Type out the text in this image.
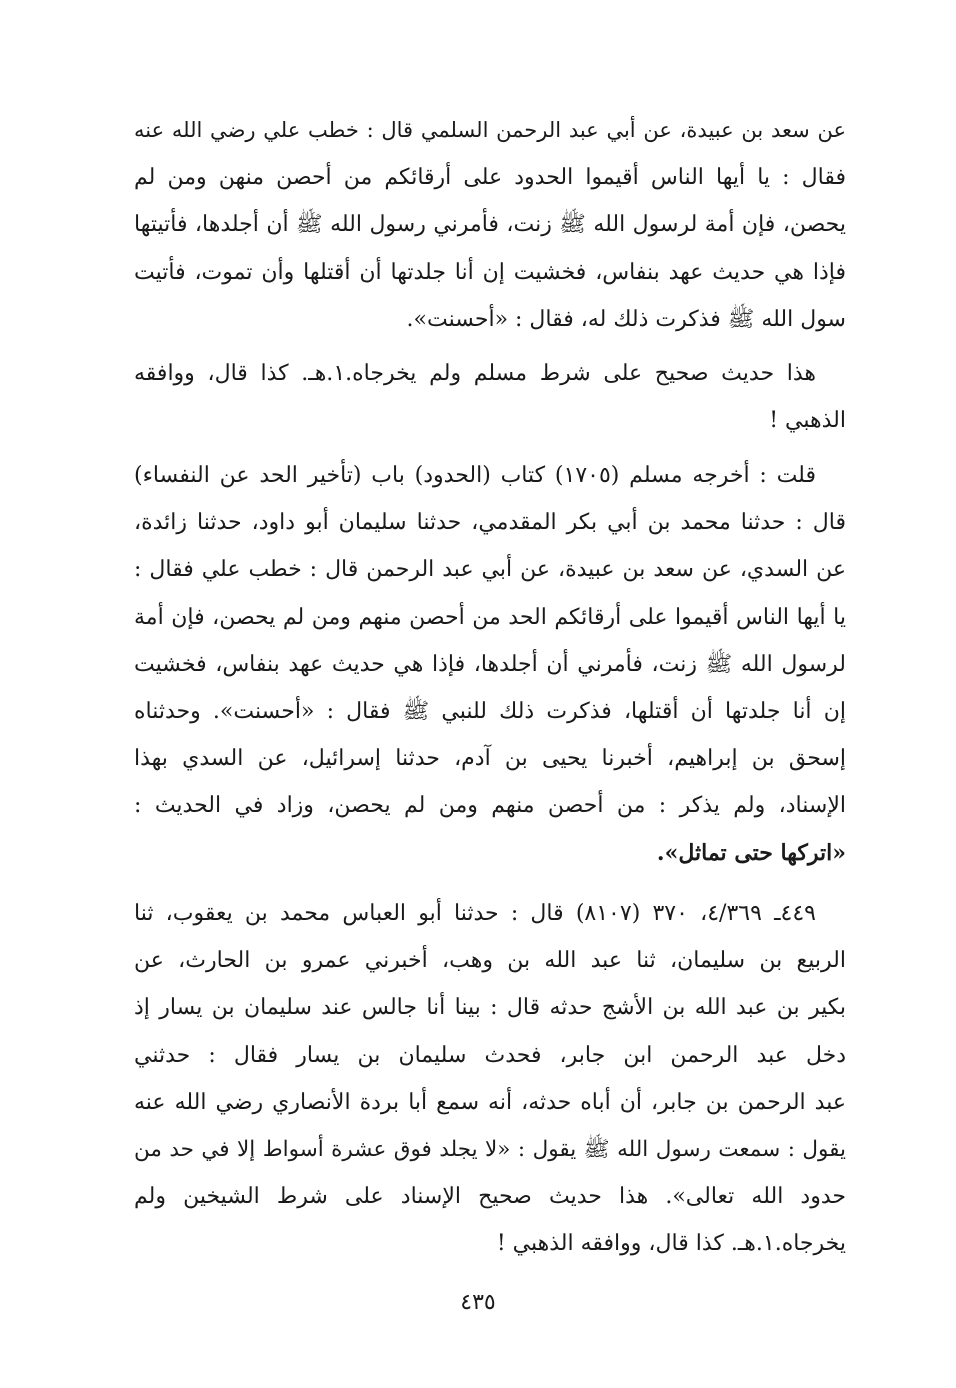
عن سعد بن عبيدة، عن أبي عبد الرحمن السلمي قال : خطب علي رضي الله عنه
فقال : يا أيها الناس أقيموا الحدود على أرقائكم من أحصن منهن ومن لم
يحصن، فإن أمة لرسول الله ﷺ زنت، فأمرني رسول الله ﷺ أن أجلدها، فأتيتها
فإذا هي حديث عهد بنفاس، فخشيت إن أنا جلدتها أن أقتلها وأن تموت، فأتيت
سول الله ﷺ فذكرت ذلك له، فقال : «أحسنت».
هذا حديث صحيح على شرط مسلم ولم يخرجاه.١.هـ. كذا قال، ووافقه
الذهبي !
قلت : أخرجه مسلم (١٧٠٥) كتاب (الحدود) باب (تأخير الحد عن النفساء)
قال : حدثنا محمد بن أبي بكر المقدمي، حدثنا سليمان أبو داود، حدثنا زائدة،
عن السدي، عن سعد بن عبيدة، عن أبي عبد الرحمن قال : خطب علي فقال :
يا أيها الناس أقيموا على أرقائكم الحد من أحصن منهم ومن لم يحصن، فإن أمة
لرسول الله ﷺ زنت، فأمرني أن أجلدها، فإذا هي حديث عهد بنفاس، فخشيت
إن أنا جلدتها أن أقتلها، فذكرت ذلك للنبي ﷺ فقال : «أحسنت». وحدثناه
إسحق بن إبراهيم، أخبرنا يحيى بن آدم، حدثنا إسرائيل، عن السدي بهذا
الإسناد، ولم يذكر : من أحصن منهم ومن لم يحصن، وزاد في الحديث :
«اتركها حتى تماثل».
٤٤٩ـ ٤/٣٦٩، ٣٧٠ (٨١٠٧) قال : حدثنا أبو العباس محمد بن يعقوب، ثنا
الربيع بن سليمان، ثنا عبد الله بن وهب، أخبرني عمرو بن الحارث، عن
بكير بن عبد الله بن الأشج حدثه قال : بينا أنا جالس عند سليمان بن يسار إذ
دخل عبد الرحمن ابن جابر، فحدث سليمان بن يسار فقال : حدثني
عبد الرحمن بن جابر، أن أباه حدثه، أنه سمع أبا بردة الأنصاري رضي الله عنه
يقول : سمعت رسول الله ﷺ يقول : «لا يجلد فوق عشرة أسواط إلا في حد من
حدود الله تعالى». هذا حديث صحيح الإسناد على شرط الشيخين ولم
يخرجاه.١.هـ. كذا قال، ووافقه الذهبي !
٤٣٥
